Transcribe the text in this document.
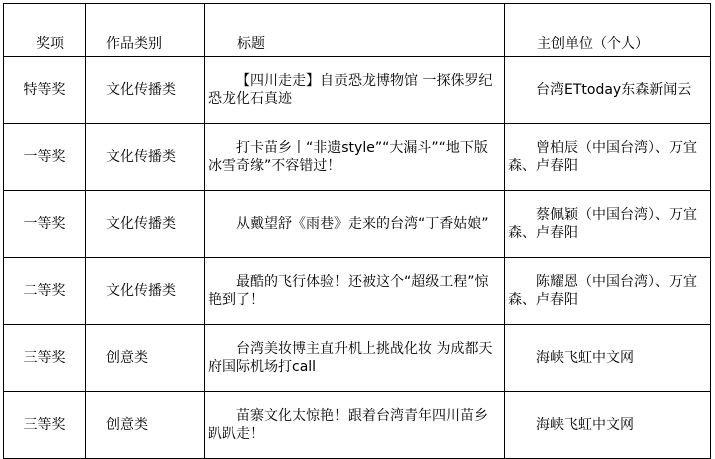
奖项	作品类别	标题	主创单位（个人）
特等奖	文化传播类	【四川走走】自贡恐龙博物馆 一探侏罗纪恐龙化石真迹	台湾ETtoday东森新闻云
一等奖	文化传播类	打卡苗乡丨“非遗style”“大漏斗”“地下版冰雪奇缘”不容错过！	曾柏辰（中国台湾）、万宜森、卢春阳
一等奖	文化传播类	从戴望舒《雨巷》走来的台湾“丁香姑娘”	蔡佩颖（中国台湾）、万宜森、卢春阳
二等奖	文化传播类	最酷的飞行体验！还被这个“超级工程”惊艳到了！	陈耀恩（中国台湾）、万宜森、卢春阳
三等奖	创意类	台湾美妆博主直升机上挑战化妆 为成都天府国际机场打call	海峡飞虹中文网
三等奖	创意类	苗寨文化太惊艳！跟着台湾青年四川苗乡趴趴走！	海峡飞虹中文网
